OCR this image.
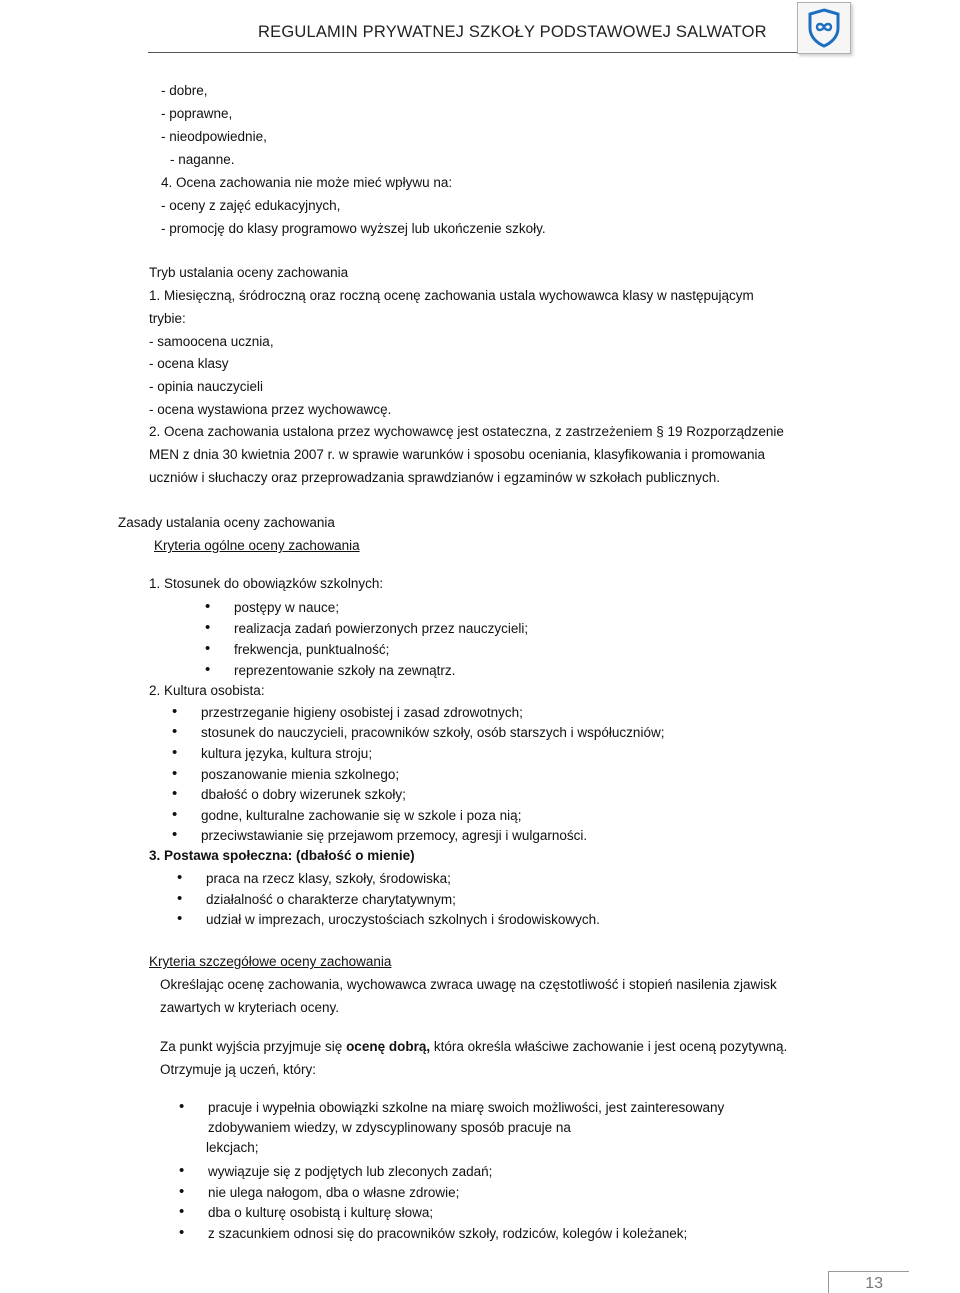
REGULAMIN PRYWATNEJ SZKOŁY PODSTAWOWEJ SALWATOR
- dobre,
- poprawne,
- nieodpowiednie,
- naganne.
4. Ocena zachowania nie może mieć wpływu na:
- oceny z zajęć edukacyjnych,
- promocję do klasy programowo wyższej lub ukończenie szkoły.
Tryb ustalania oceny zachowania
1. Miesięczną, śródroczną oraz roczną ocenę zachowania ustala wychowawca klasy w następującym
trybie:
- samoocena ucznia,
- ocena klasy
- opinia nauczycieli
- ocena wystawiona przez wychowawcę.
2. Ocena zachowania ustalona przez wychowawcę jest ostateczna, z zastrzeżeniem § 19 Rozporządzenie
MEN z dnia 30 kwietnia 2007 r. w sprawie warunków i sposobu oceniania, klasyfikowania i promowania
uczniów i słuchaczy oraz przeprowadzania sprawdzianów i egzaminów w szkołach publicznych.
Zasady ustalania oceny zachowania
Kryteria ogólne oceny zachowania
1. Stosunek do obowiązków szkolnych:
• postępy w nauce;
• realizacja zadań powierzonych przez nauczycieli;
• frekwencja, punktualność;
• reprezentowanie szkoły na zewnątrz.
2. Kultura osobista:
• przestrzeganie higieny osobistej i zasad zdrowotnych;
• stosunek do nauczycieli, pracowników szkoły, osób starszych i współuczniów;
• kultura języka, kultura stroju;
• poszanowanie mienia szkolnego;
• dbałość o dobry wizerunek szkoły;
• godne, kulturalne zachowanie się w szkole i poza nią;
• przeciwstawianie się przejawom przemocy, agresji i wulgarności.
3. Postawa społeczna: (dbałość o mienie)
• praca na rzecz klasy, szkoły, środowiska;
• działalność o charakterze charytatywnym;
• udział w imprezach, uroczystościach szkolnych i środowiskowych.
Kryteria szczegółowe oceny zachowania
Określając ocenę zachowania, wychowawca zwraca uwagę na częstotliwość i stopień nasilenia zjawisk
zawartych w kryteriach oceny.
Za punkt wyjścia przyjmuje się ocenę dobrą, która określa właściwe zachowanie i jest oceną pozytywną.
Otrzymuje ją uczeń, który:
• pracuje i wypełnia obowiązki szkolne na miarę swoich możliwości, jest zainteresowany
zdobywaniem wiedzy, w zdyscyplinowany sposób pracuje na
lekcjach;
• wywiązuje się z podjętych lub zleconych zadań;
• nie ulega nałogom, dba o własne zdrowie;
• dba o kulturę osobistą i kulturę słowa;
• z szacunkiem odnosi się do pracowników szkoły, rodziców, kolegów i koleżanek;
13
